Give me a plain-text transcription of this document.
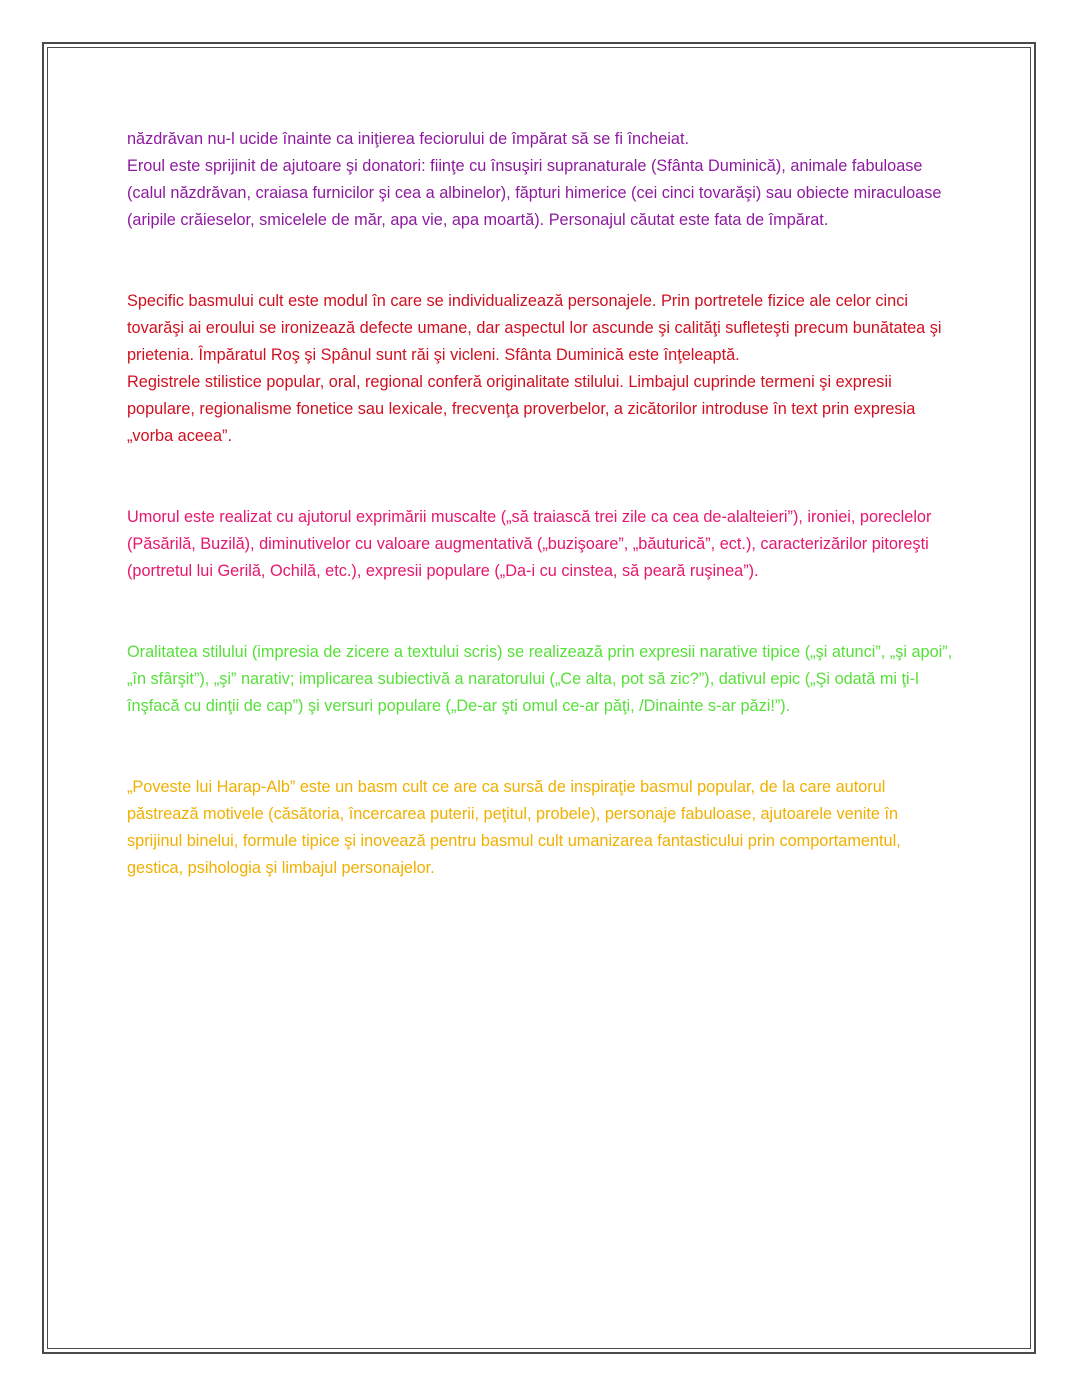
năzdrăvan nu-l ucide înainte ca iniţierea feciorului de împărat să se fi încheiat.

Eroul este sprijinit de ajutoare şi donatori: fiinţe cu însuşiri supranaturale (Sfânta Duminică), animale fabuloase (calul năzdrăvan, craiasa furnicilor şi cea a albinelor), făpturi himerice (cei cinci tovarăşi) sau obiecte miraculoase (aripile crăieselor, smicelele de măr, apa vie, apa moartă). Personajul căutat este fata de împărat.

Specific basmului cult este modul în care se individualizează personajele. Prin portretele fizice ale celor cinci tovarăşi ai eroului se ironizează defecte umane, dar aspectul lor ascunde şi calităţi sufleteşti precum bunătatea şi prietenia. Împăratul Roş şi Spânul sunt răi şi vicleni. Sfânta Duminică este înţeleaptă.

Registrele stilistice popular, oral, regional conferă originalitate stilului. Limbajul cuprinde termeni şi expresii populare, regionalisme fonetice sau lexicale, frecvenţa proverbelor, a zicătorilor introduse în text prin expresia „vorba aceea”.

Umorul este realizat cu ajutorul exprimării muscalte („să traiască trei zile ca cea de-alalteieri”), ironiei, poreclelor (Păsărilă, Buzilă), diminutivelor cu valoare augmentativă („buzişoare”, „băuturică”, ect.), caracterizărilor pitoreşti (portretul lui Gerilă, Ochilă, etc.), expresii populare („Da-i cu cinstea, să peară ruşinea”).

Oralitatea stilului (impresia de zicere a textului scris) se realizează prin expresii narative tipice („şi atunci”, „şi apoi”, „în sfârşit”), „şi” narativ; implicarea subiectivă a naratorului („Ce alta, pot să zic?”), dativul epic („Şi odată mi ţi-l înşfacă cu dinţii de cap”) şi versuri populare („De-ar şti omul ce-ar păţi, /Dinainte s-ar păzi!”).

„Poveste lui Harap-Alb” este un basm cult ce are ca sursă de inspiraţie basmul popular, de la care autorul păstrează motivele (căsătoria, încercarea puterii, peţitul, probele), personaje fabuloase, ajutoarele venite în sprijinul binelui, formule tipice şi inovează pentru basmul cult umanizarea fantasticului prin comportamentul, gestica, psihologia şi limbajul personajelor.
